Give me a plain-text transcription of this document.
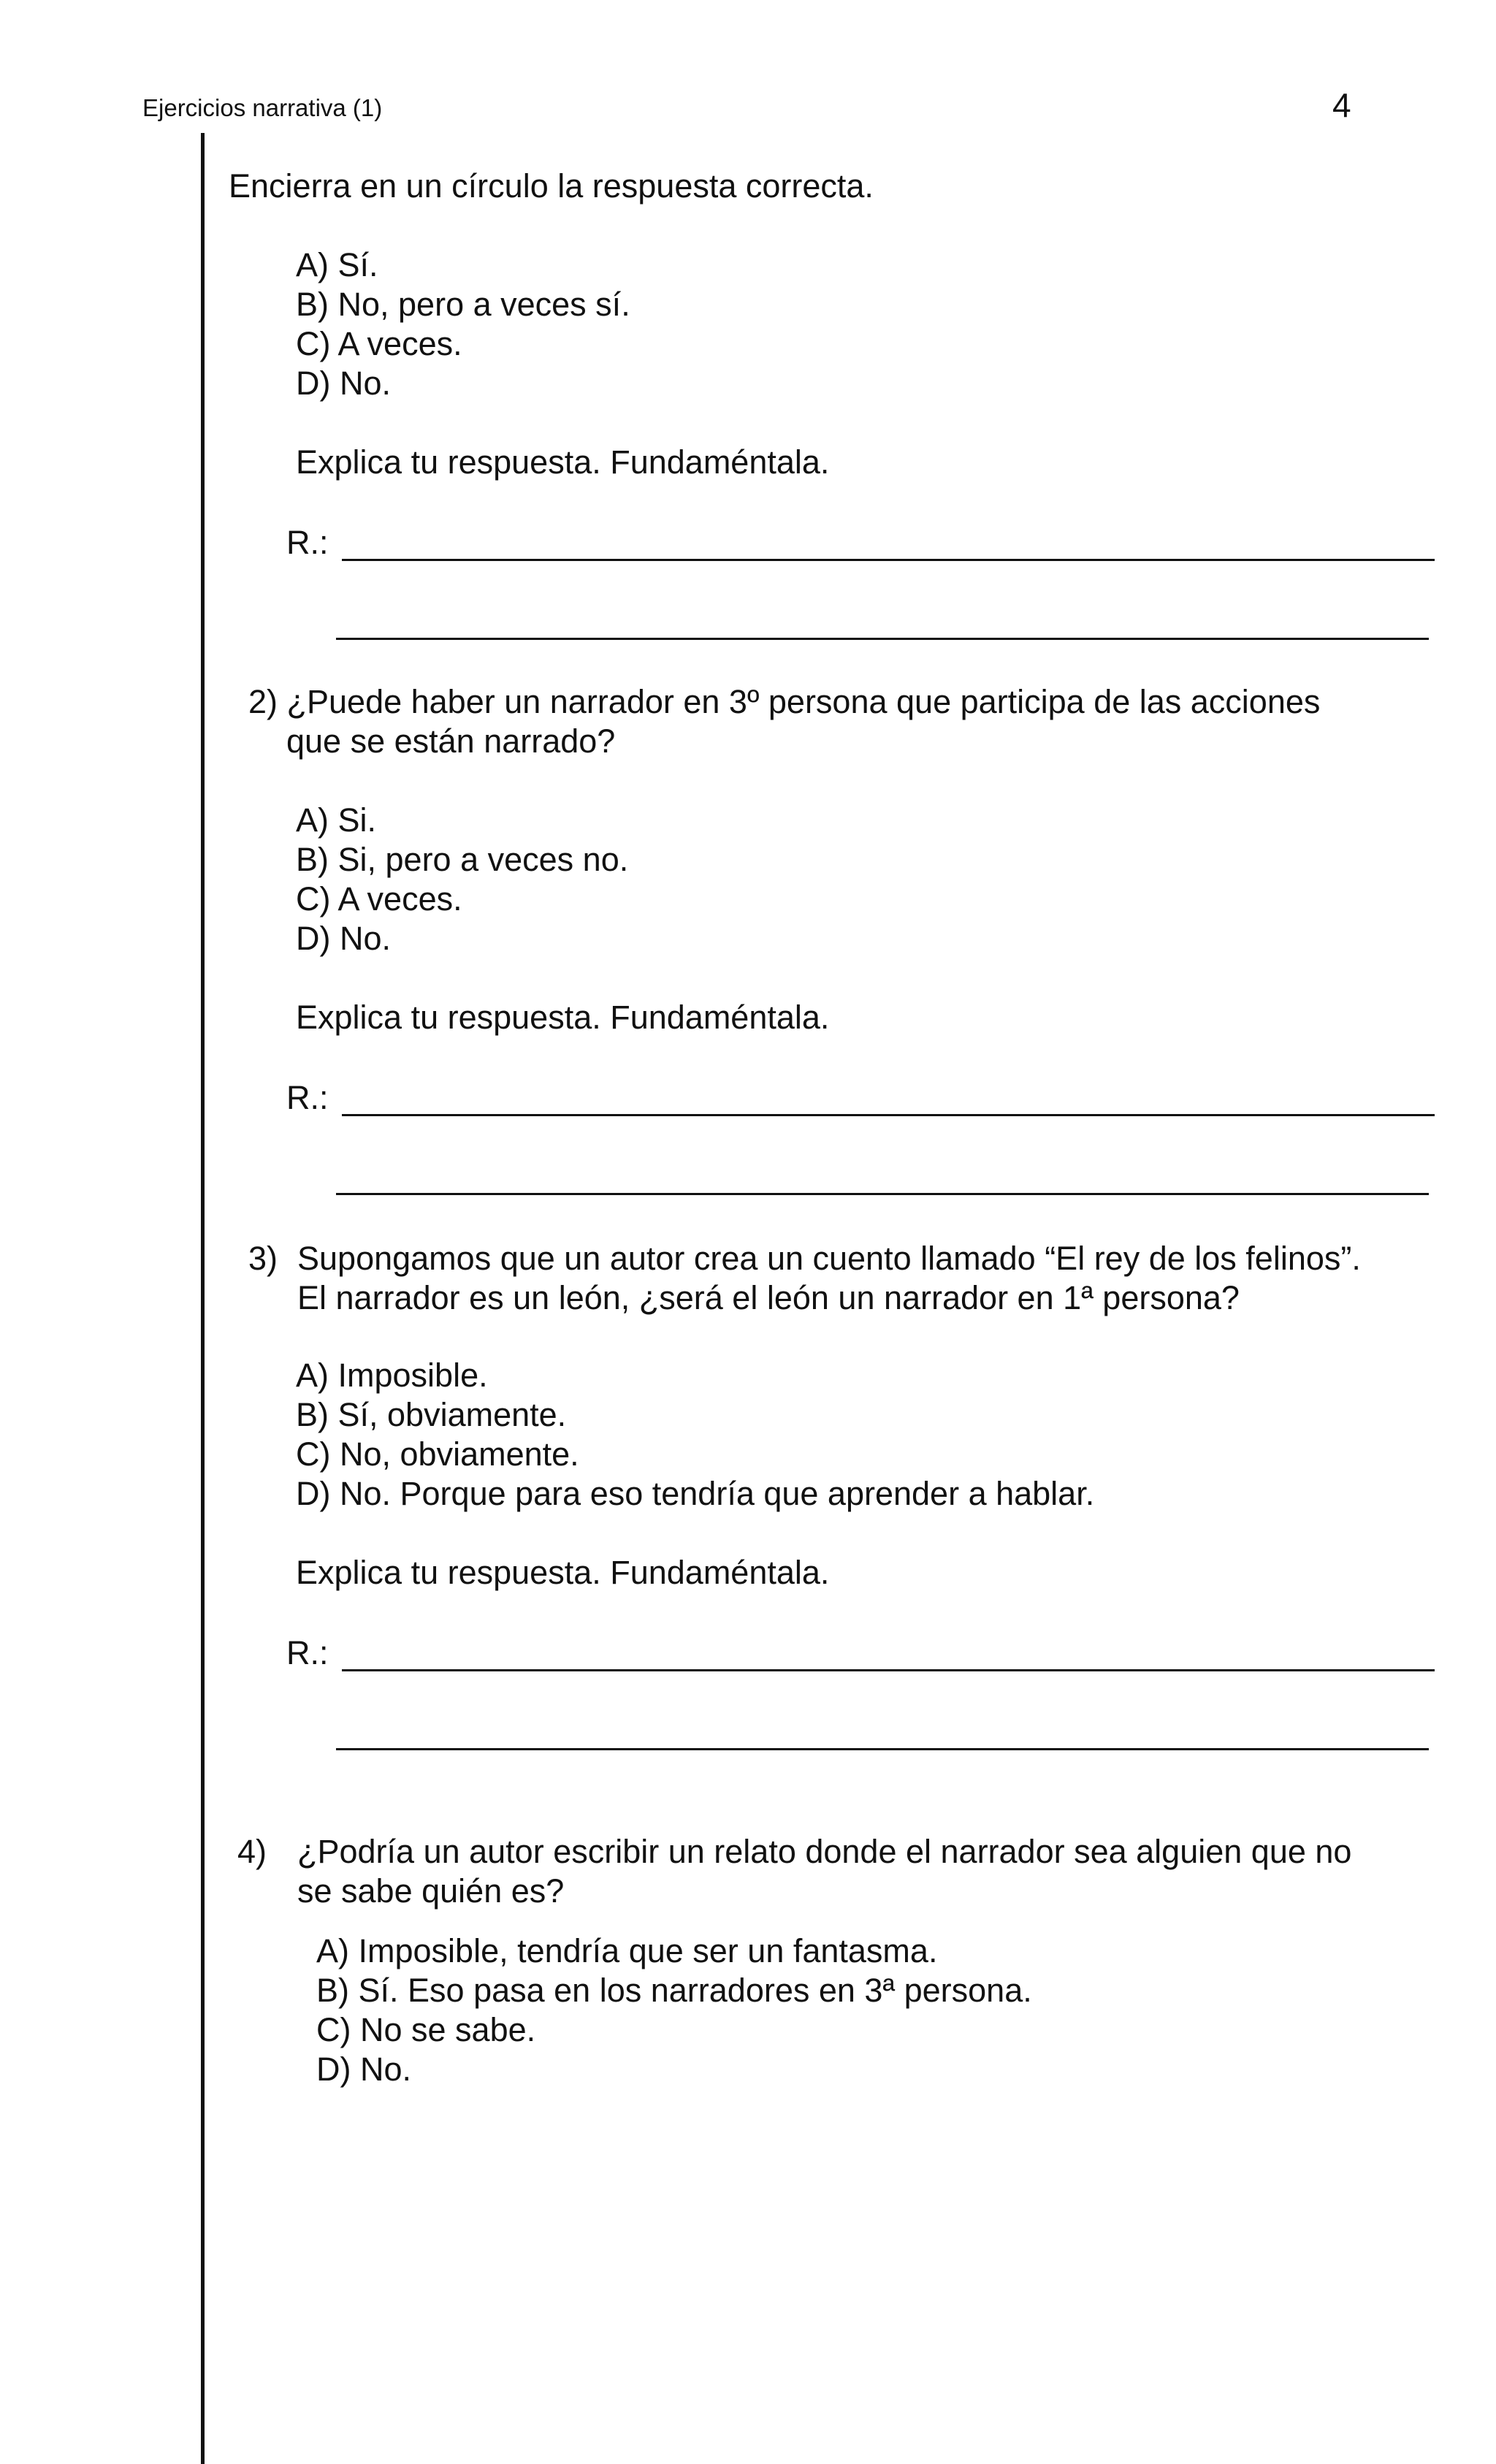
Ejercicios narrativa (1)	4
Encierra en un círculo la respuesta correcta.
A) Sí.
B) No, pero a veces sí.
C) A veces.
D) No.
Explica tu respuesta. Fundaméntala.
R.:
2) ¿Puede haber un narrador en 3º persona que participa de las acciones
que se están narrado?
A) Si.
B) Si, pero a veces no.
C) A veces.
D) No.
Explica tu respuesta. Fundaméntala.
R.:
3) Supongamos que un autor crea un cuento llamado “El rey de los felinos”.
El narrador es un león, ¿será el león un narrador en 1ª persona?
A) Imposible.
B) Sí, obviamente.
C) No, obviamente.
D) No. Porque para eso tendría que aprender a hablar.
Explica tu respuesta. Fundaméntala.
R.:
4) ¿Podría un autor escribir un relato donde el narrador sea alguien que no
se sabe quién es?
A) Imposible, tendría que ser un fantasma.
B) Sí. Eso pasa en los narradores en 3ª persona.
C) No se sabe.
D) No.
